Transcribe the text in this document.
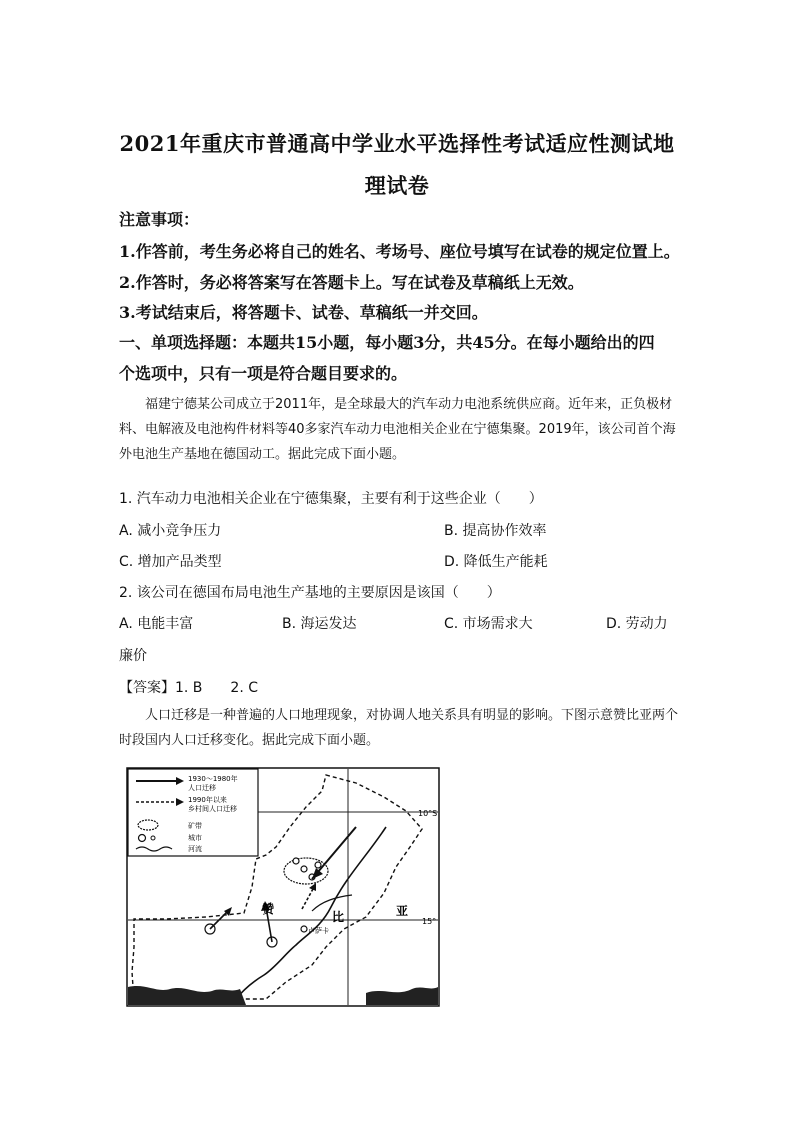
2021年重庆市普通高中学业水平选择性考试适应性测试地
理试卷
注意事项：
1.作答前，考生务必将自己的姓名、考场号、座位号填写在试卷的规定位置上。
2.作答时，务必将答案写在答题卡上。写在试卷及草稿纸上无效。
3.考试结束后，将答题卡、试卷、草稿纸一并交回。
一、单项选择题：本题共15小题，每小题3分，共45分。在每小题给出的四
个选项中，只有一项是符合题目要求的。
福建宁德某公司成立于2011年，是全球最大的汽车动力电池系统供应商。近年来，正负极材料、电解液及电池构件材料等40多家汽车动力电池相关企业在宁德集聚。2019年，该公司首个海外电池生产基地在德国动工。据此完成下面小题。
1. 汽车动力电池相关企业在宁德集聚，主要有利于这些企业（　　）
A. 减小竞争压力	B. 提高协作效率
C. 增加产品类型	D. 降低生产能耗
2. 该公司在德国布局电池生产基地的主要原因是该国（　　）
A. 电能丰富	B. 海运发达	C. 市场需求大	D. 劳动力
廉价
【答案】1. B　　2. C
人口迁移是一种普遍的人口地理现象，对协调人地关系具有明显的影响。下图示意赞比亚两个时段国内人口迁移变化。据此完成下面小题。
1930～1980年
人口迁移
1990年以来
乡村间人口迁移
矿带
城市
河流
赞
比	亚
卢萨卡
10°S
15°
